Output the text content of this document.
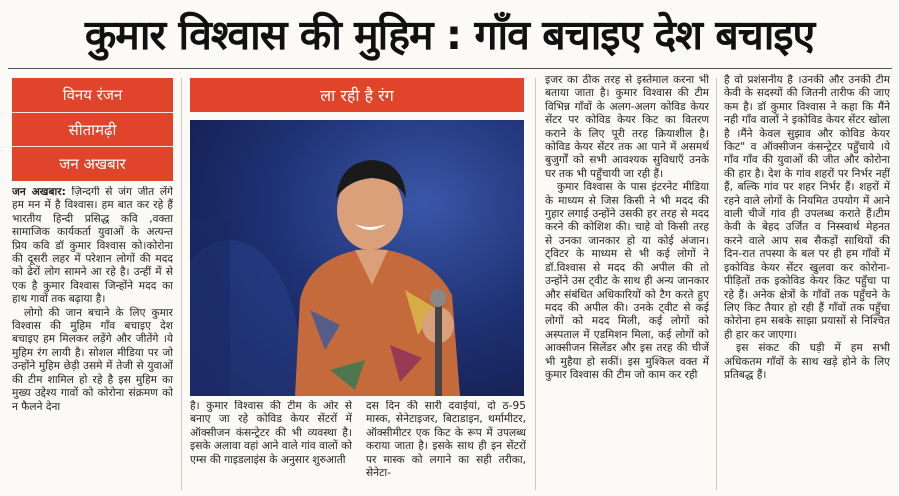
कुमार विश्वास की मुहिम : गाँव बचाइए देश बचाइए
विनय रंजन
सीतामढ़ी
जन अखबार

जन अखबार: ज़िन्दगी से जंग जीत लेंगे हम मन में है विश्वास। हम बात कर रहे हैं भारतीय हिन्दी प्रसिद्ध कवि ,वक्ता सामाजिक कार्यकर्ता युवाओं के अत्यन्त प्रिय कवि डॉ कुमार विश्वास को।कोरोना की दूसरी लहर में परेशान लोगों की मदद को ढेरों लोग सामने आ रहे है। उन्हीं में से एक है कुमार विश्वास जिन्होंने मदद का हाथ गावों तक बढ़ाया है।

लोगो की जान बचाने के लिए कुमार विश्वास की मुहिम गाँव बचाइए देश बचाइए हम मिलकर लड़ेंगे और जीतेंगे ।ये मुहिम रंग लायी है। सोशल मीडिया पर जो उन्होंने मुहिम छेड़ी उसमे में तेजी से युवाओं की टीम शामिल हो रहे है इस मुहिम का मुख्य उद्देश्य गावों को कोरोना संक्रमण को न फैलने देना

ला रही है रंग

है। कुमार विश्वास की टीम के ओर से बनाए जा रहे कोविड केयर सेंटरों में ऑक्सीजन कंसन्ट्रेटर की भी व्यवस्था है। इसके अलावा वहां आने वाले गांव वालों को एम्स की गाइडलाइंस के अनुसार शुरुआती

दस दिन की सारी दवाईयां, दो ठ-95 मास्क, सेनेटाइजर, बिटाडाइन, थर्मामीटर, ऑक्सीमीटर एक किट के रूप में उपलब्ध कराया जाता है। इसके साथ ही इन सेंटरों पर मास्क को लगाने का सही तरीका, सेनेटा-

इजर का ठीक तरह से इस्तेमाल करना भी बताया जाता है। कुमार विश्वास की टीम विभिन्न गाँवों के अलग-अलग कोविड केयर सेंटर पर कोविड केयर किट का वितरण कराने के लिए पूरी तरह क्रियाशील है। कोविड केयर सेंटर तक आ पाने में असमर्थ बुजुर्गों को सभी आवश्यक सुविधाएँ उनके घर तक भी पहुँचायी जा रही हैं।

कुमार विश्वास के पास इंटरनेट मीडिया के माध्यम से जिस किसी ने भी मदद की गुहार लगाई उन्होंने उसकी हर तरह से मदद करने की कोशिश की। चाहे वो किसी तरह से उनका जानकार हो या कोई अंजान। ट्विटर के माध्यम से भी कई लोगों ने डॉ.विश्वास से मदद की अपील की तो उन्होंने उस ट्वीट के साथ ही अन्य जानकार और संबंधित अधिकारियों को टैग करते हुए मदद की अपील की। उनके ट्वीट से कई लोगों को मदद मिली, कई लोगों को अस्पताल में एडमिशन मिला, कई लोगों को आक्सीजन सिलेंडर और इस तरह की चीजें भी मुहैया हो सकीं। इस मुश्किल वक्त में कुमार विश्वास की टीम जो काम कर रही

है वो प्रशंसनीय है ।उनकी और उनकी टीम केवी के सदस्यों की जितनी तारीफ की जाए कम है। डॉ कुमार विश्वास ने कहा कि मैंने नही गाँव वालों ने इकोविड केयर सेंटर खोला है ।मैंने केवल सुझाव और कोविड केयर किट" व ऑक्सीजन कंसन्ट्रेटर पहुँचाये ।ये गाँव गाँव की युवाओं की जीत और कोरोना की हार है। देश के गांव शहरों पर निर्भर नहीं हैं, बल्कि गांव पर शहर निर्भर हैं। शहरों में रहने वाले लोगों के नियमित उपयोग में आने वाली चीजें गांव ही उपलब्ध कराते हैं।टीम केवी के बेहद उर्जित व निस्स्वार्थ मेहनत करने वाले आप सब सैकड़ों साथियों की दिन-रात तपस्या के बल पर ही हम गाँवों में इकोविड केयर सेंटर खुलवा कर कोरोना-पीड़ितों तक इकोविड केयर किट पहुँचा पा रहे हैं। अनेक क्षेत्रों के गाँवों तक पहुँचने के लिए किट तैयार हो रही हैं गाँवों तक पहुँचा कोरोना हम सबके साझा प्रयासों से निश्चित ही हार कर जाएगा।

इस संकट की घड़ी में हम सभी अधिकतम गाँवों के साथ खड़े होने के लिए प्रतिबद्ध हैं।
